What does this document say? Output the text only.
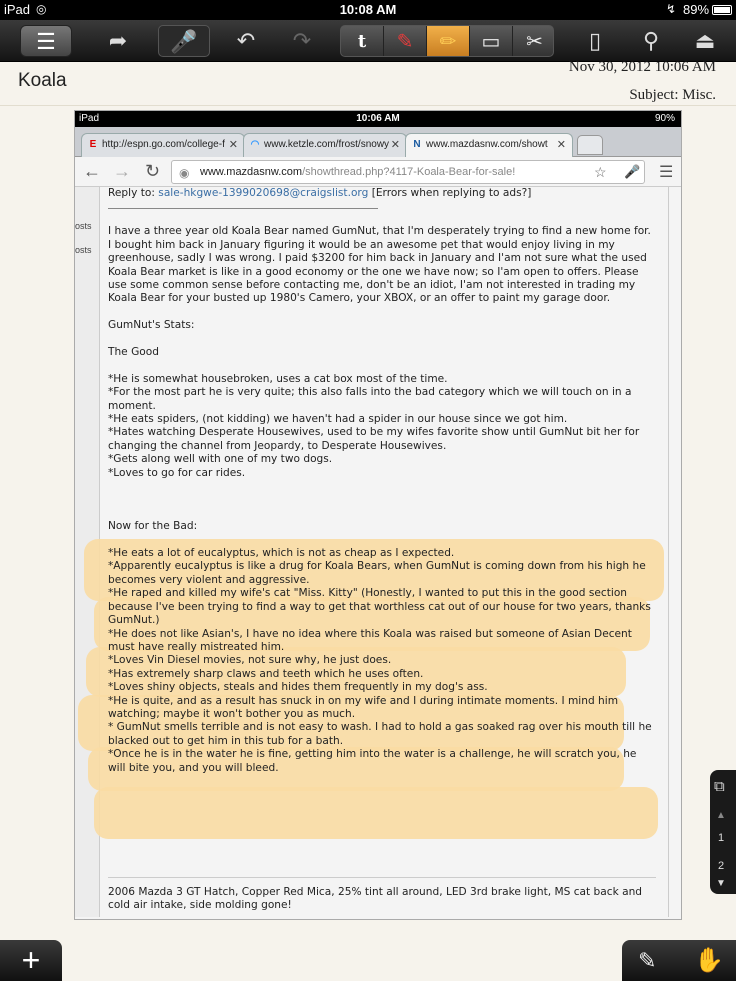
iPad ◎	10:08 AM	↯ 89%
☰	➦	🎤	↶	↷	t	✎	✏	▭	✂	▯	⚲	⏏
Koala
Nov 30, 2012 10:06 AM
Subject: Misc.
iPad	10:06 AM	90%
E http://espn.go.com/college-f ✕ ◠ www.ketzle.com/frost/snowy ✕ N www.mazdasnw.com/showt ✕
← → ↻ ◉ www.mazdasnw.com/showthread.php?4117-Koala-Bear-for-sale!	☆ 🎤 ☰
osts
osts

Reply to: sale-hkgwe-1399020698@craigslist.org [Errors when replying to ads?]

I have a three year old Koala Bear named GumNut, that I'm desperately trying to find a new home for. I bought him back in January figuring it would be an awesome pet that would enjoy living in my greenhouse, sadly I was wrong. I paid $3200 for him back in January and I'am not sure what the used Koala Bear market is like in a good economy or the one we have now; so I'am open to offers. Please use some common sense before contacting me, don't be an idiot, I'am not interested in trading my Koala Bear for your busted up 1980's Camero, your XBOX, or an offer to paint my garage door.

GumNut's Stats:

The Good

*He is somewhat housebroken, uses a cat box most of the time.

*For the most part he is very quite; this also falls into the bad category which we will touch on in a moment.

*He eats spiders, (not kidding) we haven't had a spider in our house since we got him.

*Hates watching Desperate Housewives, used to be my wifes favorite show until GumNut bit her for changing the channel from Jeopardy, to Desperate Housewives.

*Gets along well with one of my two dogs.

*Loves to go for car rides.

Now for the Bad:

*He eats a lot of eucalyptus, which is not as cheap as I expected.

*Apparently eucalyptus is like a drug for Koala Bears, when GumNut is coming down from his high he becomes very violent and aggressive.

*He raped and killed my wife's cat "Miss. Kitty" (Honestly, I wanted to put this in the good section because I've been trying to find a way to get that worthless cat out of our house for two years, thanks GumNut.)

*He does not like Asian's, I have no idea where this Koala was raised but someone of Asian Decent must have really mistreated him.

*Loves Vin Diesel movies, not sure why, he just does.

*Has extremely sharp claws and teeth which he uses often.

*Loves shiny objects, steals and hides them frequently in my dog's ass.

*He is quite, and as a result has snuck in on my wife and I during intimate moments. I mind him watching; maybe it won't bother you as much.

* GumNut smells terrible and is not easy to wash. I had to hold a gas soaked rag over his mouth till he blacked out to get him in this tub for a bath.

*Once he is in the water he is fine, getting him into the water is a challenge, he will scratch you, he will bite you, and you will bleed.

2006 Mazda 3 GT Hatch, Copper Red Mica, 25% tint all around, LED 3rd brake light, MS cat back and cold air intake, side molding gone!

⧉
▲
1
2
▼
+	✎ ✋
